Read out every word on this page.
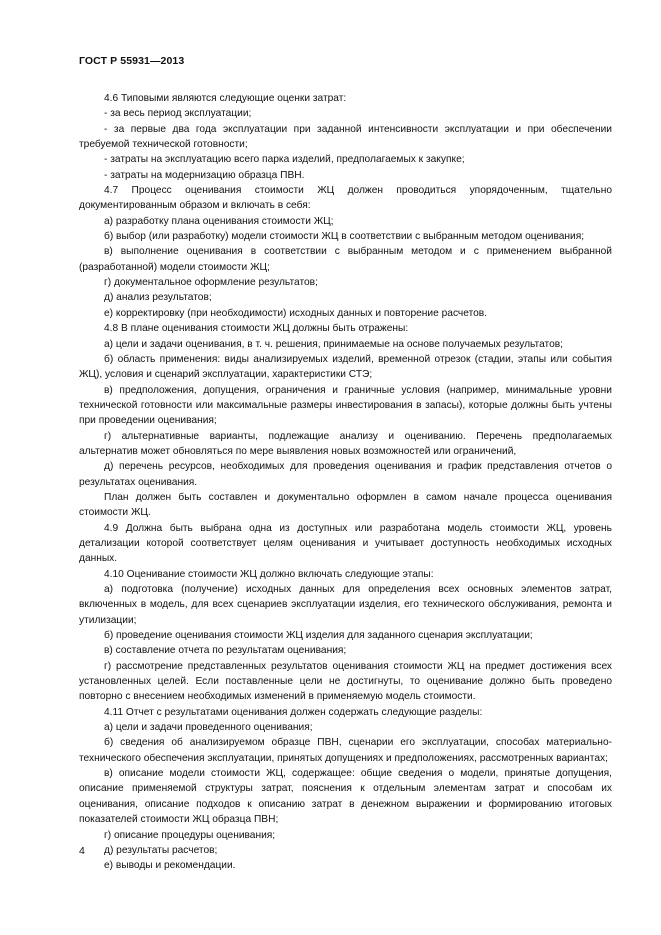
ГОСТ Р 55931—2013

4.6 Типовыми являются следующие оценки затрат:

- за весь период эксплуатации;

- за первые два года эксплуатации при заданной интенсивности эксплуатации и при обеспечении требуемой технической готовности;

- затраты на эксплуатацию всего парка изделий, предполагаемых к закупке;

- затраты на модернизацию образца ПВН.

4.7 Процесс оценивания стоимости ЖЦ должен проводиться упорядоченным, тщательно документированным образом и включать в себя:

а) разработку плана оценивания стоимости ЖЦ;

б) выбор (или разработку) модели стоимости ЖЦ в соответствии с выбранным методом оценивания;

в) выполнение оценивания в соответствии с выбранным методом и с применением выбранной (разработанной) модели стоимости ЖЦ;

г) документальное оформление результатов;

д) анализ результатов;

е) корректировку (при необходимости) исходных данных и повторение расчетов.

4.8 В плане оценивания стоимости ЖЦ должны быть отражены:

а) цели и задачи оценивания, в т. ч. решения, принимаемые на основе получаемых результатов;

б) область применения: виды анализируемых изделий, временной отрезок (стадии, этапы или события ЖЦ), условия и сценарий эксплуатации, характеристики СТЭ;

в) предположения, допущения, ограничения и граничные условия (например, минимальные уровни технической готовности или максимальные размеры инвестирования в запасы), которые должны быть учтены при проведении оценивания;

г) альтернативные варианты, подлежащие анализу и оцениванию. Перечень предполагаемых альтернатив может обновляться по мере выявления новых возможностей или ограничений,

д) перечень ресурсов, необходимых для проведения оценивания и график представления отчетов о результатах оценивания.

План должен быть составлен и документально оформлен в самом начале процесса оценивания стоимости ЖЦ.

4.9 Должна быть выбрана одна из доступных или разработана модель стоимости ЖЦ, уровень детализации которой соответствует целям оценивания и учитывает доступность необходимых исходных данных.

4.10 Оценивание стоимости ЖЦ должно включать следующие этапы:

а) подготовка (получение) исходных данных для определения всех основных элементов затрат, включенных в модель, для всех сценариев эксплуатации изделия, его технического обслуживания, ремонта и утилизации;

б) проведение оценивания стоимости ЖЦ изделия для заданного сценария эксплуатации;

в) составление отчета по результатам оценивания;

г) рассмотрение представленных результатов оценивания стоимости ЖЦ на предмет достижения всех установленных целей. Если поставленные цели не достигнуты, то оценивание должно быть проведено повторно с внесением необходимых изменений в применяемую модель стоимости.

4.11 Отчет с результатами оценивания должен содержать следующие разделы:

а) цели и задачи проведенного оценивания;

б) сведения об анализируемом образце ПВН, сценарии его эксплуатации, способах материально-технического обеспечения эксплуатации, принятых допущениях и предположениях, рассмотренных вариантах;

в) описание модели стоимости ЖЦ, содержащее: общие сведения о модели, принятые допущения, описание применяемой структуры затрат, пояснения к отдельным элементам затрат и способам их оценивания, описание подходов к описанию затрат в денежном выражении и формированию итоговых показателей стоимости ЖЦ образца ПВН;

г) описание процедуры оценивания;

д) результаты расчетов;

е) выводы и рекомендации.

4
